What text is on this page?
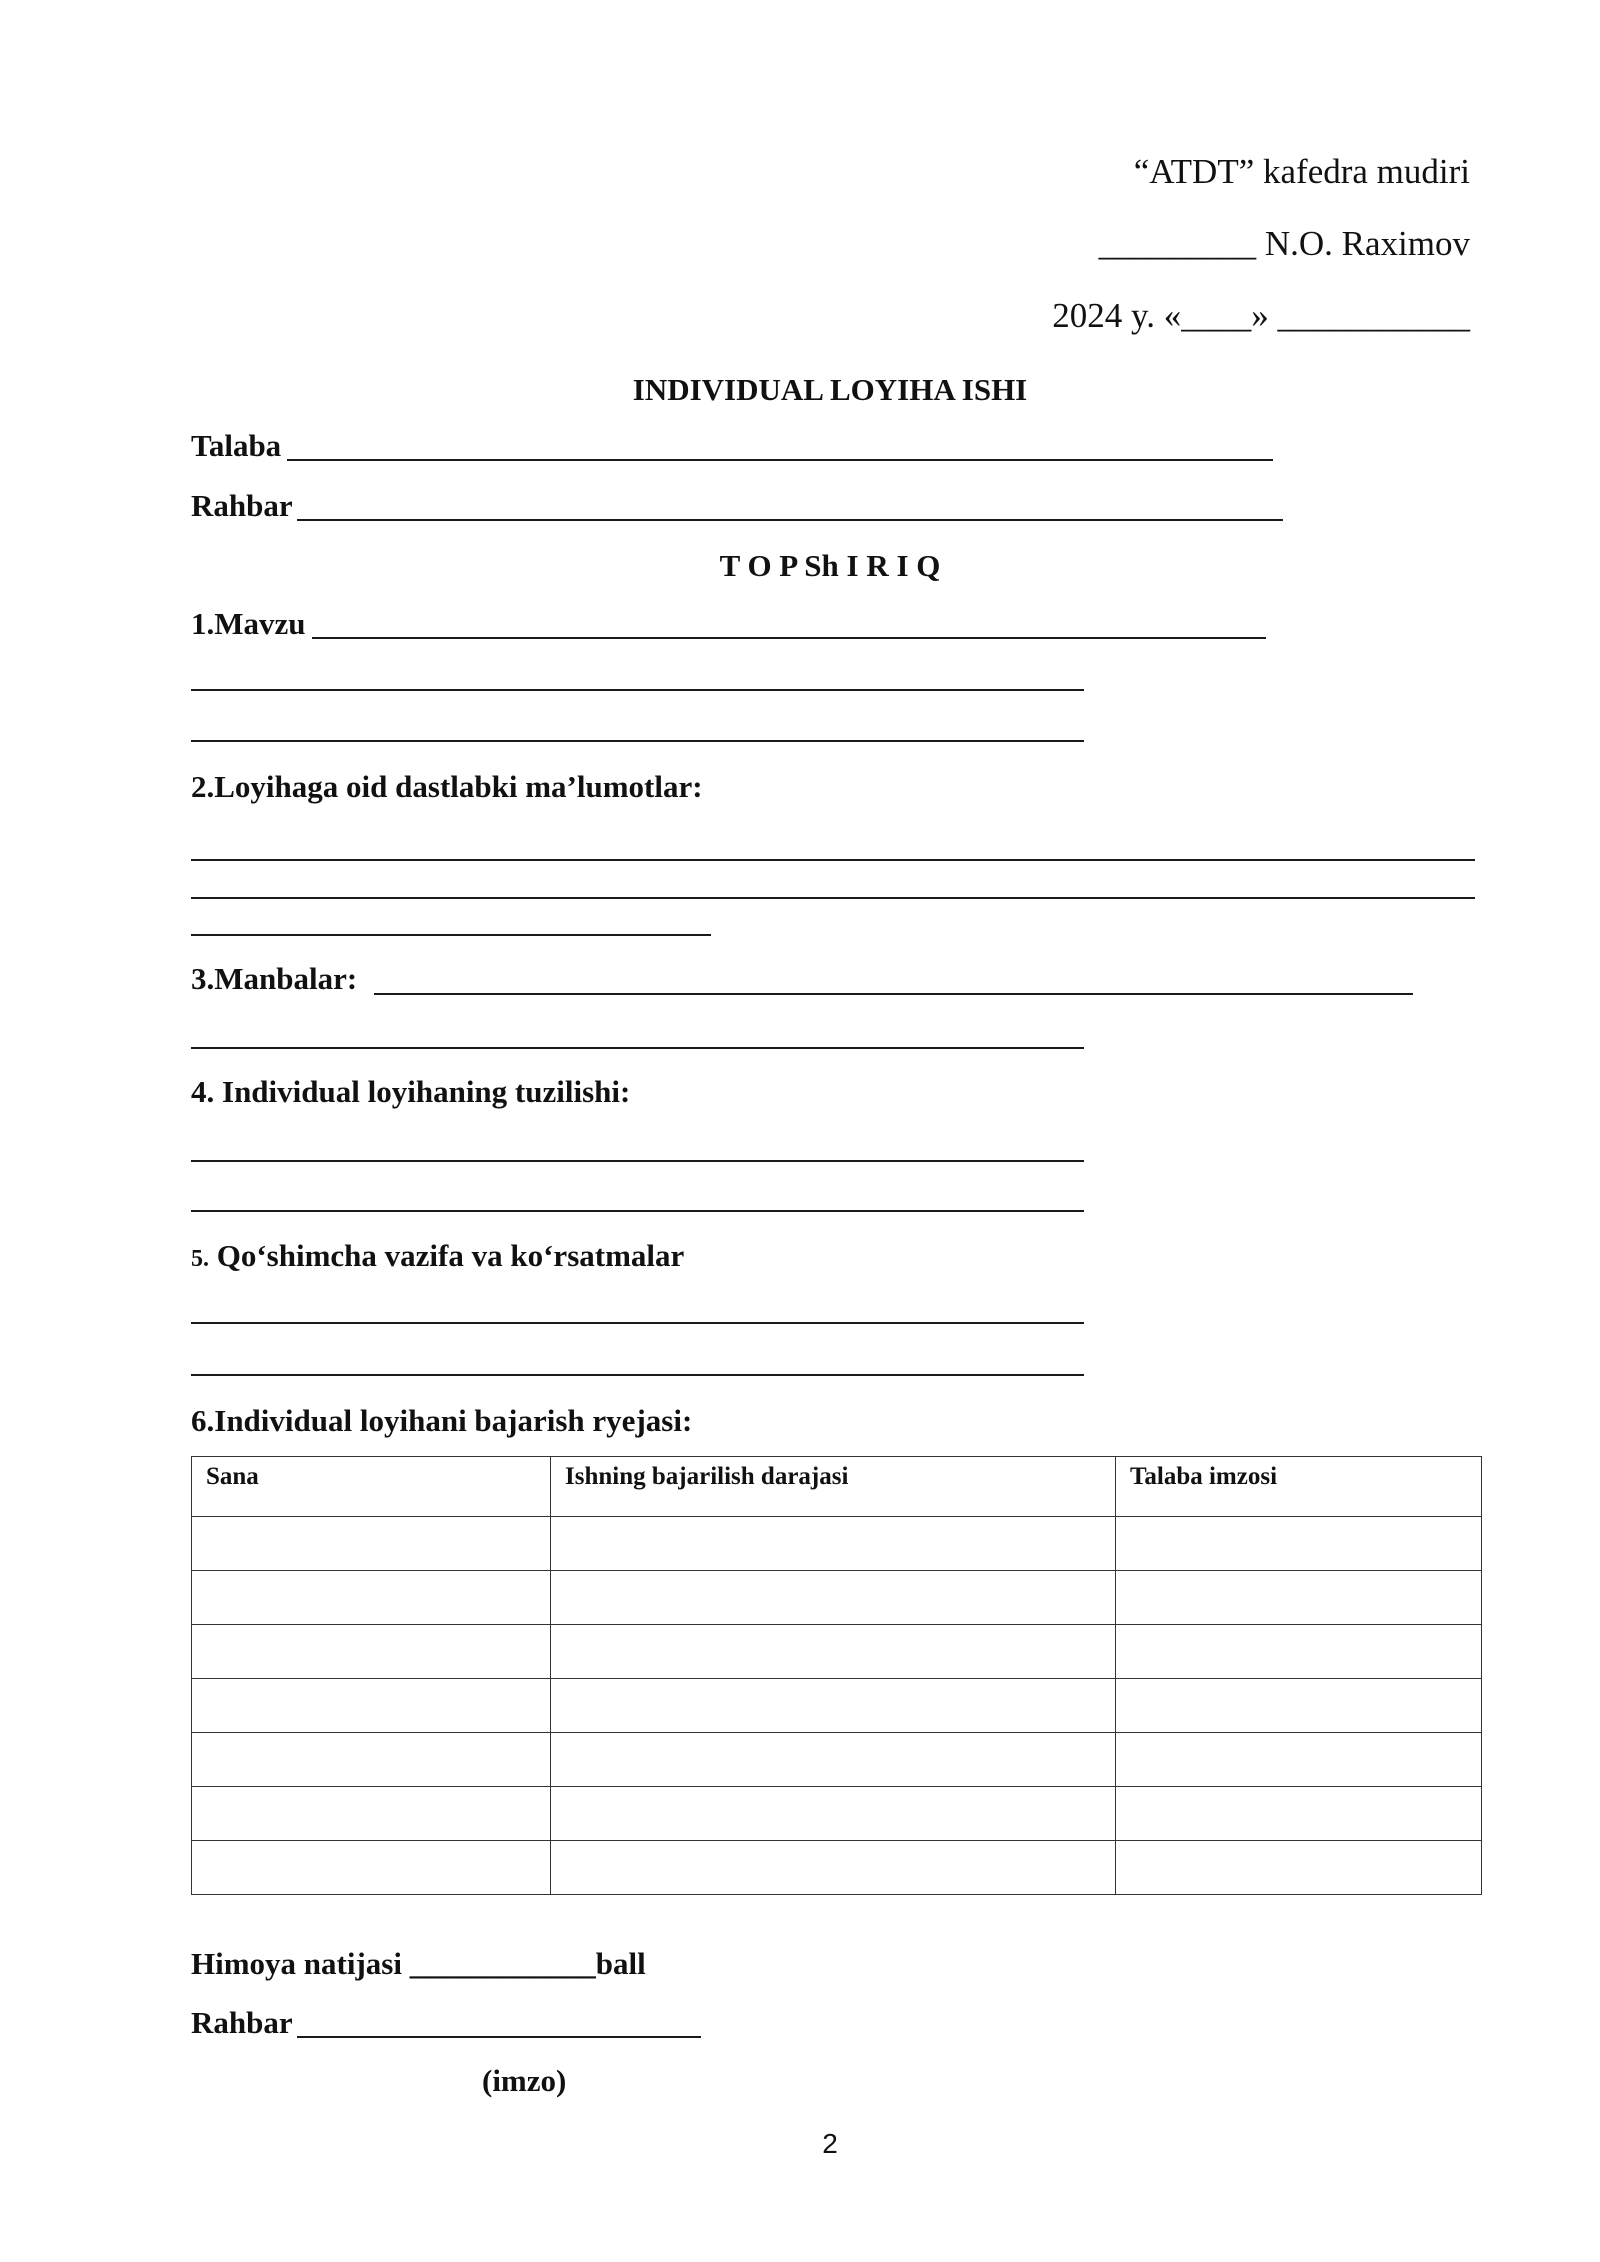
“ATDT” kafedra mudiri
_________ N.O. Raximov
2024 y. «____» ___________
INDIVIDUAL LOYIHA ISHI
Talaba
Rahbar
T O P Sh I R I Q
1.Mavzu
2.Loyihaga oid dastlabki ma’lumotlar:
3.Manbalar:
4. Individual loyihaning tuzilishi:
5. Qo‘shimcha vazifa va ko‘rsatmalar
6.Individual loyihani bajarish ryejasi:
Sana	Ishning bajarilish darajasi	Talaba imzosi

Himoya natijasi ____________ball
Rahbar
(imzo)
2
